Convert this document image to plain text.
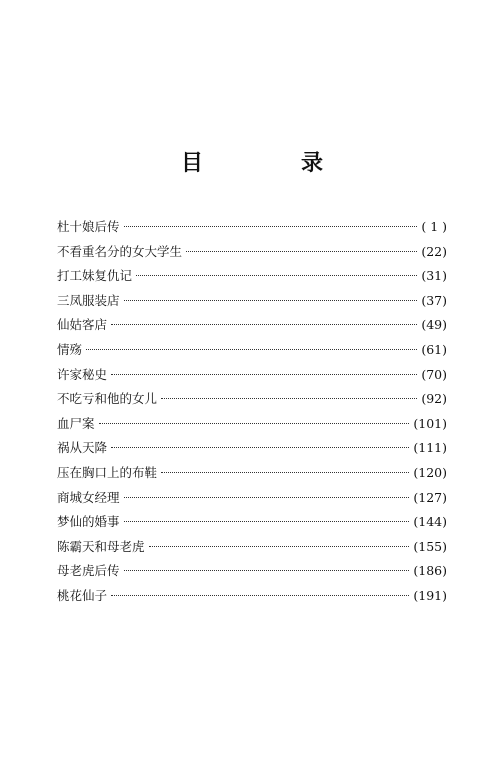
目　录
杜十娘后传	( 1 )
不看重名分的女大学生	(22)
打工妹复仇记	(31)
三凤服装店	(37)
仙姑客店	(49)
情殇	(61)
许家秘史	(70)
不吃亏和他的女儿	(92)
血尸案	(101)
祸从天降	(111)
压在胸口上的布鞋	(120)
商城女经理	(127)
梦仙的婚事	(144)
陈霸天和母老虎	(155)
母老虎后传	(186)
桃花仙子	(191)
